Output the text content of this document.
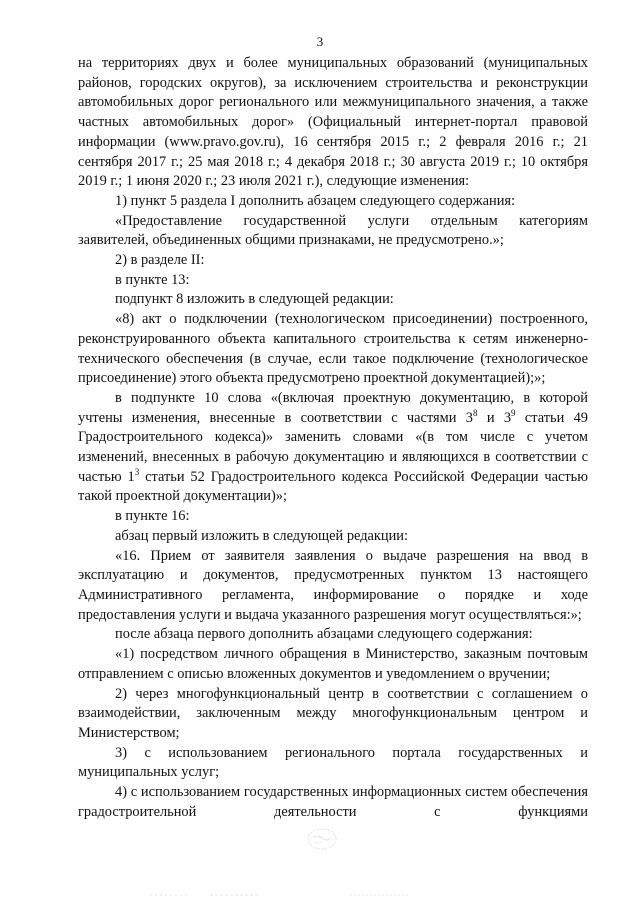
3

на территориях двух и более муниципальных образований (муниципальных районов, городских округов), за исключением строительства и реконструкции автомобильных дорог регионального или межмуниципального значения, а также частных автомобильных дорог» (Официальный интернет-портал правовой информации (www.pravo.gov.ru), 16 сентября 2015 г.; 2 февраля 2016 г.; 21 сентября 2017 г.; 25 мая 2018 г.; 4 декабря 2018 г.; 30 августа 2019 г.; 10 октября 2019 г.; 1 июня 2020 г.; 23 июля 2021 г.), следующие изменения:

1) пункт 5 раздела I дополнить абзацем следующего содержания:

«Предоставление государственной услуги отдельным категориям заявителей, объединенных общими признаками, не предусмотрено.»;

2) в разделе II:

в пункте 13:

подпункт 8 изложить в следующей редакции:

«8) акт о подключении (технологическом присоединении) построенного, реконструированного объекта капитального строительства к сетям инженерно-технического обеспечения (в случае, если такое подключение (технологическое присоединение) этого объекта предусмотрено проектной документацией);»;

в подпункте 10 слова «(включая проектную документацию, в которой учтены изменения, внесенные в соответствии с частями $3^8$ и $3^9$ статьи 49 Градостроительного кодекса)» заменить словами «(в том числе с учетом изменений, внесенных в рабочую документацию и являющихся в соответствии с частью $1^3$ статьи 52 Градостроительного кодекса Российской Федерации частью такой проектной документации)»;

в пункте 16:

абзац первый изложить в следующей редакции:

«16. Прием от заявителя заявления о выдаче разрешения на ввод в эксплуатацию и документов, предусмотренных пунктом 13 настоящего Административного регламента, информирование о порядке и ходе предоставления услуги и выдача указанного разрешения могут осуществляться:»;

после абзаца первого дополнить абзацами следующего содержания:

«1) посредством личного обращения в Министерство, заказным почтовым отправлением с описью вложенных документов и уведомлением о вручении;

2) через многофункциональный центр в соответствии с соглашением о взаимодействии, заключенным между многофункциональным центром и Министерством;

3) с использованием регионального портала государственных и муниципальных услуг;

4) с использованием государственных информационных систем обеспечения градостроительной деятельности с функциями
